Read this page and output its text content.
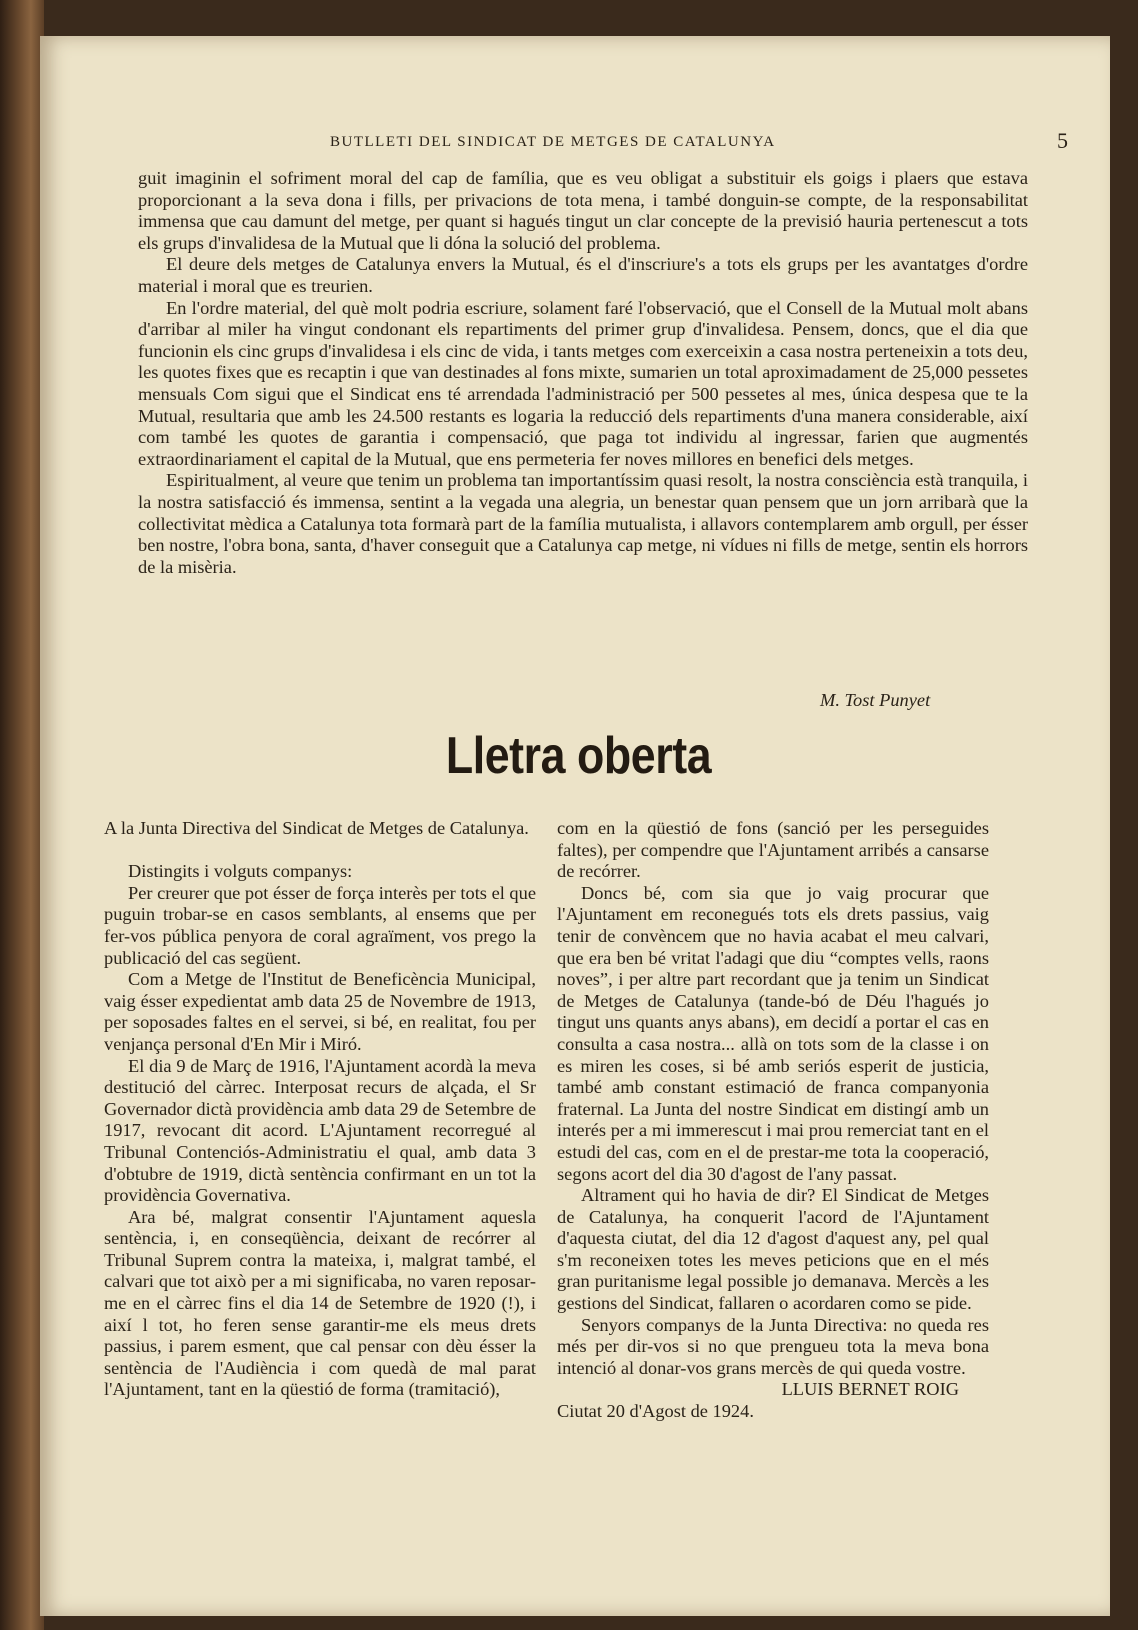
BUTLLETI DEL SINDICAT DE METGES DE CATALUNYA	5

guit imaginin el sofriment moral del cap de família, que es veu obligat a substituir els goigs i plaers que estava proporcionant a la seva dona i fills, per privacions de tota mena, i també donguin-se compte, de la responsabilitat immensa que cau damunt del metge, per quant si hagués tingut un clar concepte de la previsió hauria pertenescut a tots els grups d'invalidesa de la Mutual que li dóna la solució del problema.

El deure dels metges de Catalunya envers la Mutual, és el d'inscriure's a tots els grups per les avantatges d'ordre material i moral que es treurien.

En l'ordre material, del què molt podria escriure, solament faré l'observació, que el Consell de la Mutual molt abans d'arribar al miler ha vingut condonant els repartiments del primer grup d'invalidesa. Pensem, doncs, que el dia que funcionin els cinc grups d'invalidesa i els cinc de vida, i tants metges com exerceixin a casa nostra perteneixin a tots deu, les quotes fixes que es recaptin i que van destinades al fons mixte, sumarien un total aproximadament de 25,000 pessetes mensuals Com sigui que el Sindicat ens té arrendada l'administració per 500 pessetes al mes, única despesa que te la Mutual, resultaria que amb les 24.500 restants es logaria la reducció dels repartiments d'una manera considerable, així com també les quotes de garantia i compensació, que paga tot individu al ingressar, farien que augmentés extraordinariament el capital de la Mutual, que ens permeteria fer noves millores en benefici dels metges.

Espiritualment, al veure que tenim un problema tan importantíssim quasi resolt, la nostra consciència està tranquila, i la nostra satisfacció és immensa, sentint a la vegada una alegria, un benestar quan pensem que un jorn arribarà que la collectivitat mèdica a Catalunya tota formarà part de la família mutualista, i allavors contemplarem amb orgull, per ésser ben nostre, l'obra bona, santa, d'haver conseguit que a Catalunya cap metge, ni vídues ni fills de metge, sentin els horrors de la misèria.

M. Tost Punyet
Lletra oberta

A la Junta Directiva del Sindicat de Metges de Catalunya.

Distingits i volguts companys:

Per creurer que pot ésser de força interès per tots el que puguin trobar-se en casos semblants, al ensems que per fer-vos pública penyora de coral agraïment, vos prego la publicació del cas següent.

Com a Metge de l'Institut de Beneficència Municipal, vaig ésser expedientat amb data 25 de Novembre de 1913, per soposades faltes en el servei, si bé, en realitat, fou per venjança personal d'En Mir i Miró.

El dia 9 de Març de 1916, l'Ajuntament acordà la meva destitució del càrrec. Interposat recurs de alçada, el Sr Governador dictà providència amb data 29 de Setembre de 1917, revocant dit acord. L'Ajuntament recorregué al Tribunal Contenciós-Administratiu el qual, amb data 3 d'obtubre de 1919, dictà sentència confirmant en un tot la providència Governativa.

Ara bé, malgrat consentir l'Ajuntament aquesla sentència, i, en conseqüència, deixant de recórrer al Tribunal Suprem contra la mateixa, i, malgrat també, el calvari que tot això per a mi significaba, no varen reposar-me en el càrrec fins el dia 14 de Setembre de 1920 (!), i així l tot, ho feren sense garantir-me els meus drets passius, i parem esment, que cal pensar con dèu ésser la sentència de l'Audiència i com quedà de mal parat l'Ajuntament, tant en la qüestió de forma (tramitació),

com en la qüestió de fons (sanció per les perseguides faltes), per compendre que l'Ajuntament arribés a cansarse de recórrer.

Doncs bé, com sia que jo vaig procurar que l'Ajuntament em reconegués tots els drets passius, vaig tenir de convèncem que no havia acabat el meu calvari, que era ben bé vritat l'adagi que diu “comptes vells, raons noves”, i per altre part recordant que ja tenim un Sindicat de Metges de Catalunya (tande-bó de Déu l'hagués jo tingut uns quants anys abans), em decidí a portar el cas en consulta a casa nostra... allà on tots som de la classe i on es miren les coses, si bé amb seriós esperit de justicia, també amb constant estimació de franca companyonia fraternal. La Junta del nostre Sindicat em distingí amb un interés per a mi immerescut i mai prou remerciat tant en el estudi del cas, com en el de prestar-me tota la cooperació, segons acort del dia 30 d'agost de l'any passat.

Altrament qui ho havia de dir? El Sindicat de Metges de Catalunya, ha conquerit l'acord de l'Ajuntament d'aquesta ciutat, del dia 12 d'agost d'aquest any, pel qual s'm reconeixen totes les meves peticions que en el més gran puritanisme legal possible jo demanava. Mercès a les gestions del Sindicat, fallaren o acordaren como se pide.

Senyors companys de la Junta Directiva: no queda res més per dir-vos si no que prengueu tota la meva bona intenció al donar-vos grans mercès de qui queda vostre.

LLUIS BERNET ROIG

Ciutat 20 d'Agost de 1924.
